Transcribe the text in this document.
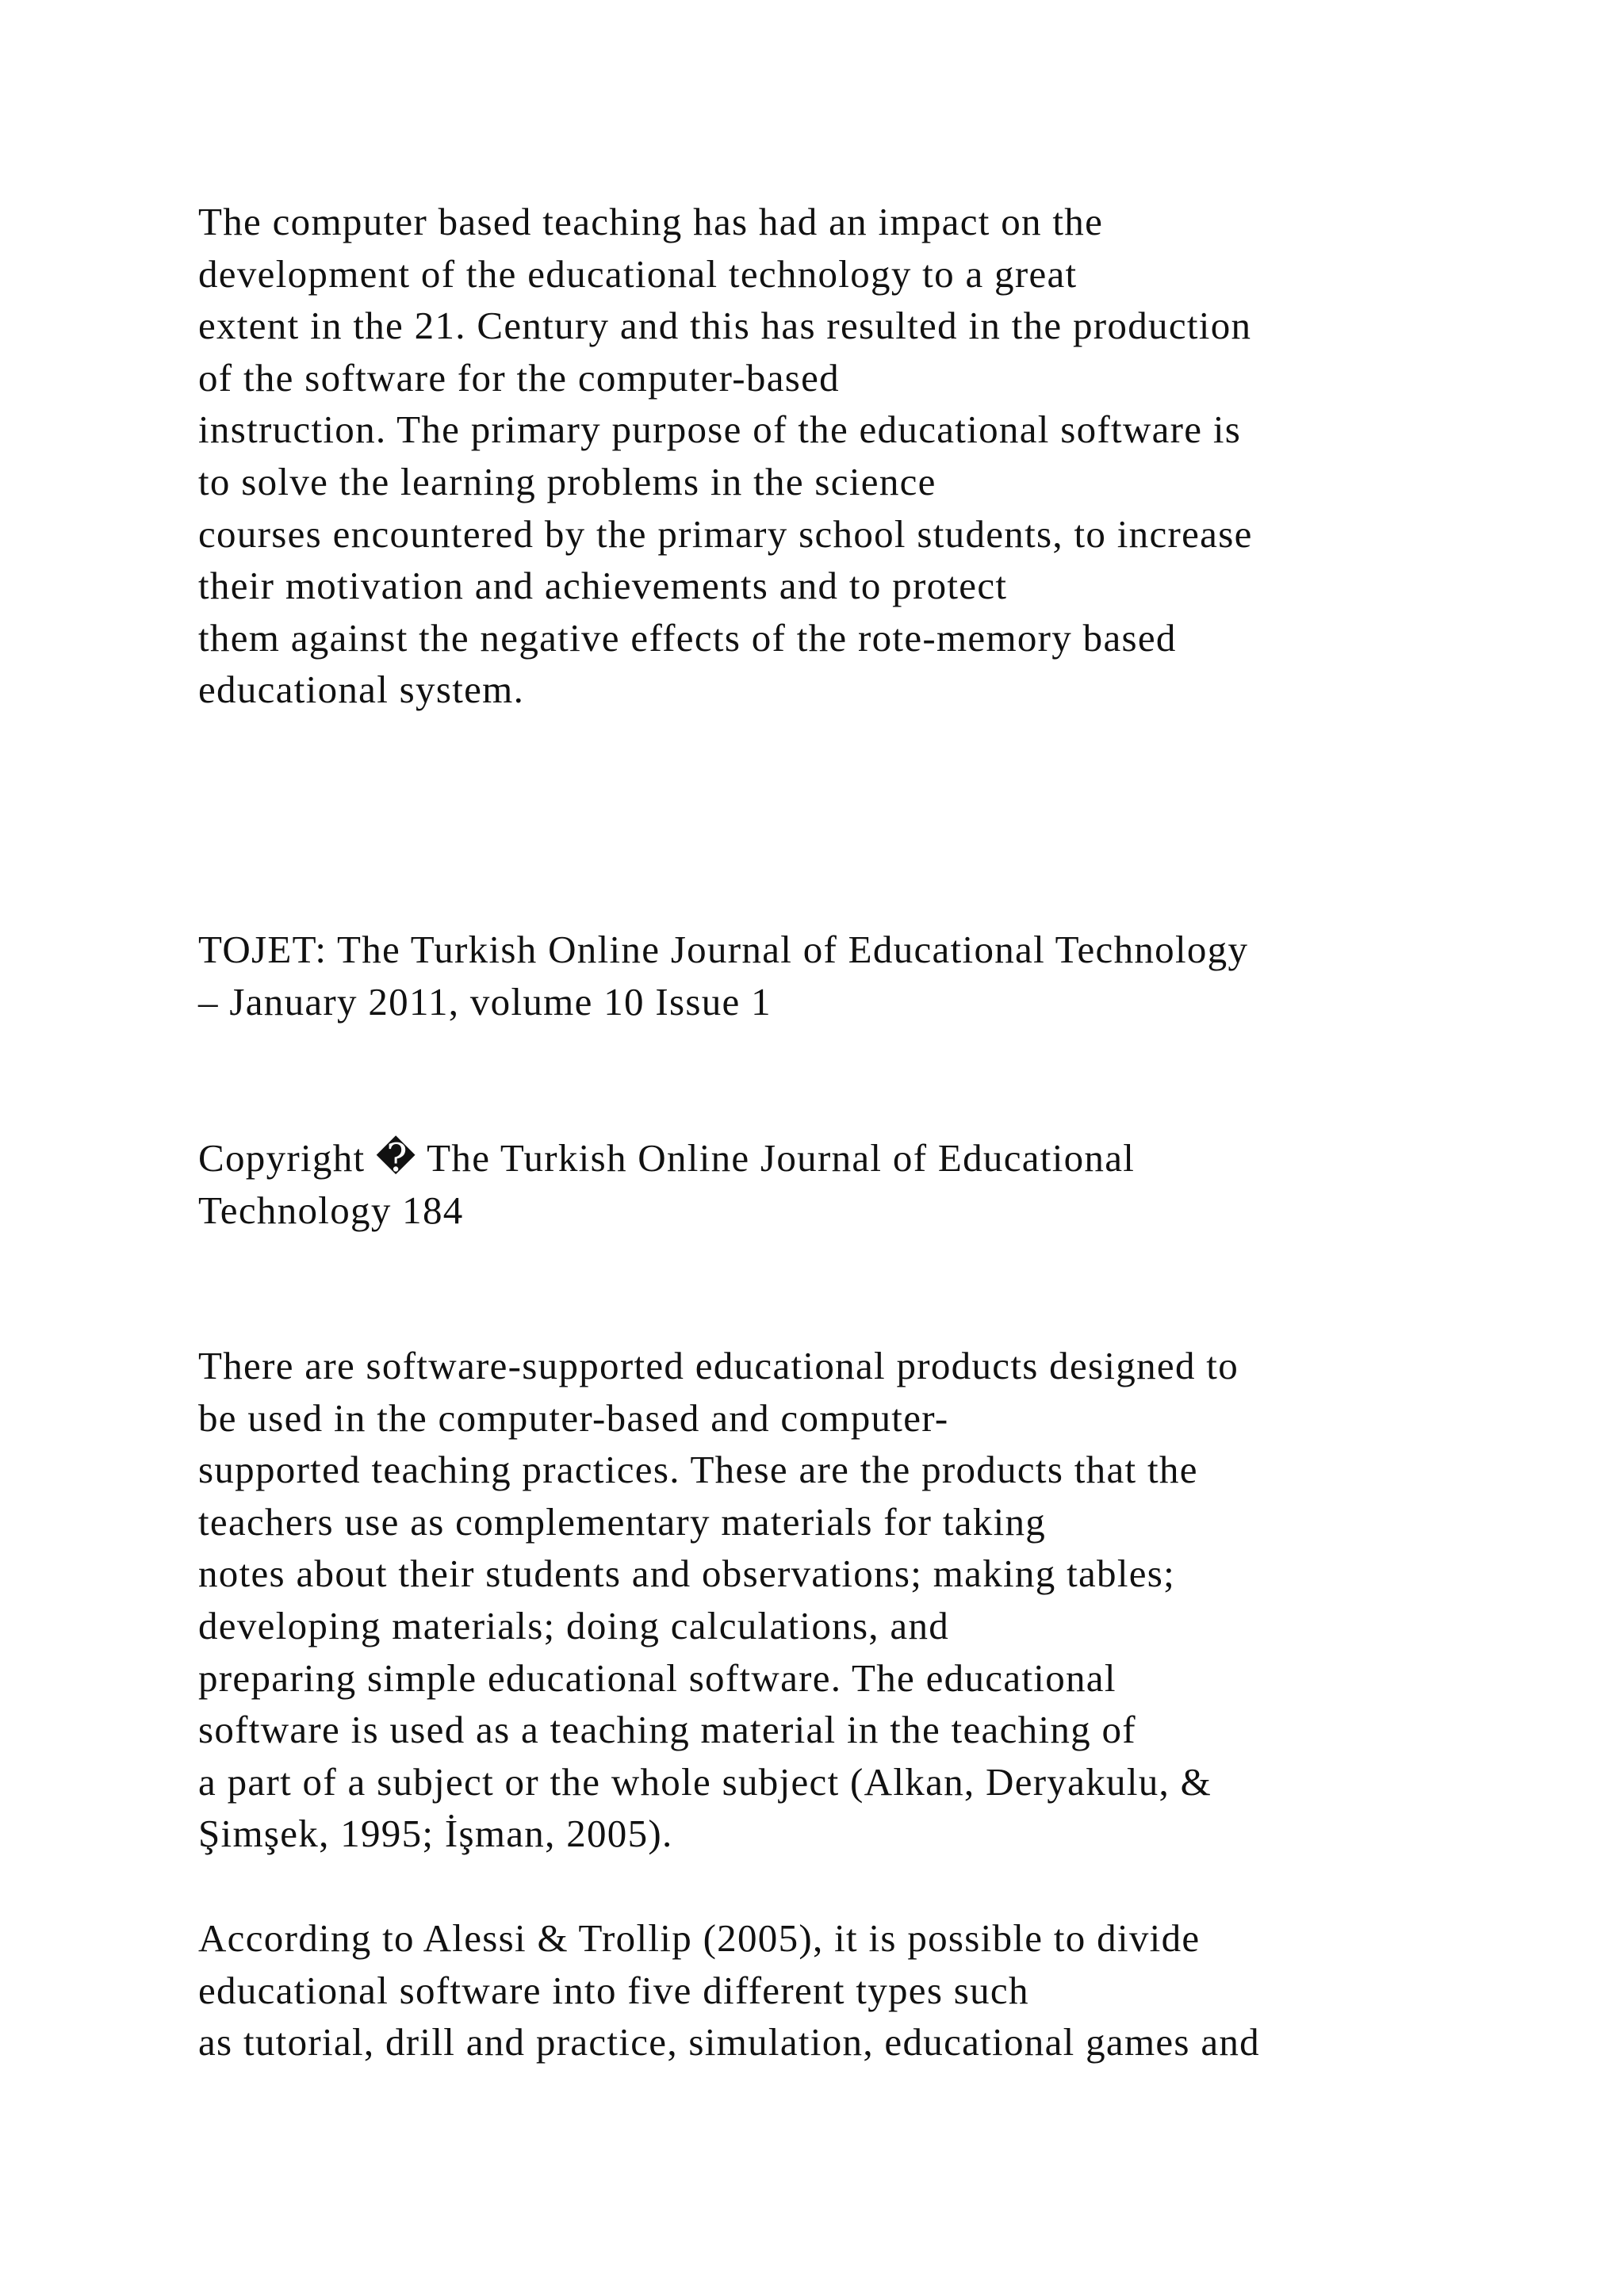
The computer based teaching has had an impact on the
development of the educational technology to a great
extent in the 21. Century and this has resulted in the production
of the software for the computer-based
instruction. The primary purpose of the educational software is
to solve the learning problems in the science
courses encountered by the primary school students, to increase
their motivation and achievements and to protect
them against the negative effects of the rote-memory based
educational system.
TOJET: The Turkish Online Journal of Educational Technology
– January 2011, volume 10 Issue 1
Copyright � The Turkish Online Journal of Educational
Technology 184
There are software-supported educational products designed to
be used in the computer-based and computer-
supported teaching practices. These are the products that the
teachers use as complementary materials for taking
notes about their students and observations; making tables;
developing materials; doing calculations, and
preparing simple educational software. The educational
software is used as a teaching material in the teaching of
a part of a subject or the whole subject (Alkan, Deryakulu, &
Şimşek, 1995; İşman, 2005).
According to Alessi & Trollip (2005), it is possible to divide
educational software into five different types such
as tutorial, drill and practice, simulation, educational games and
